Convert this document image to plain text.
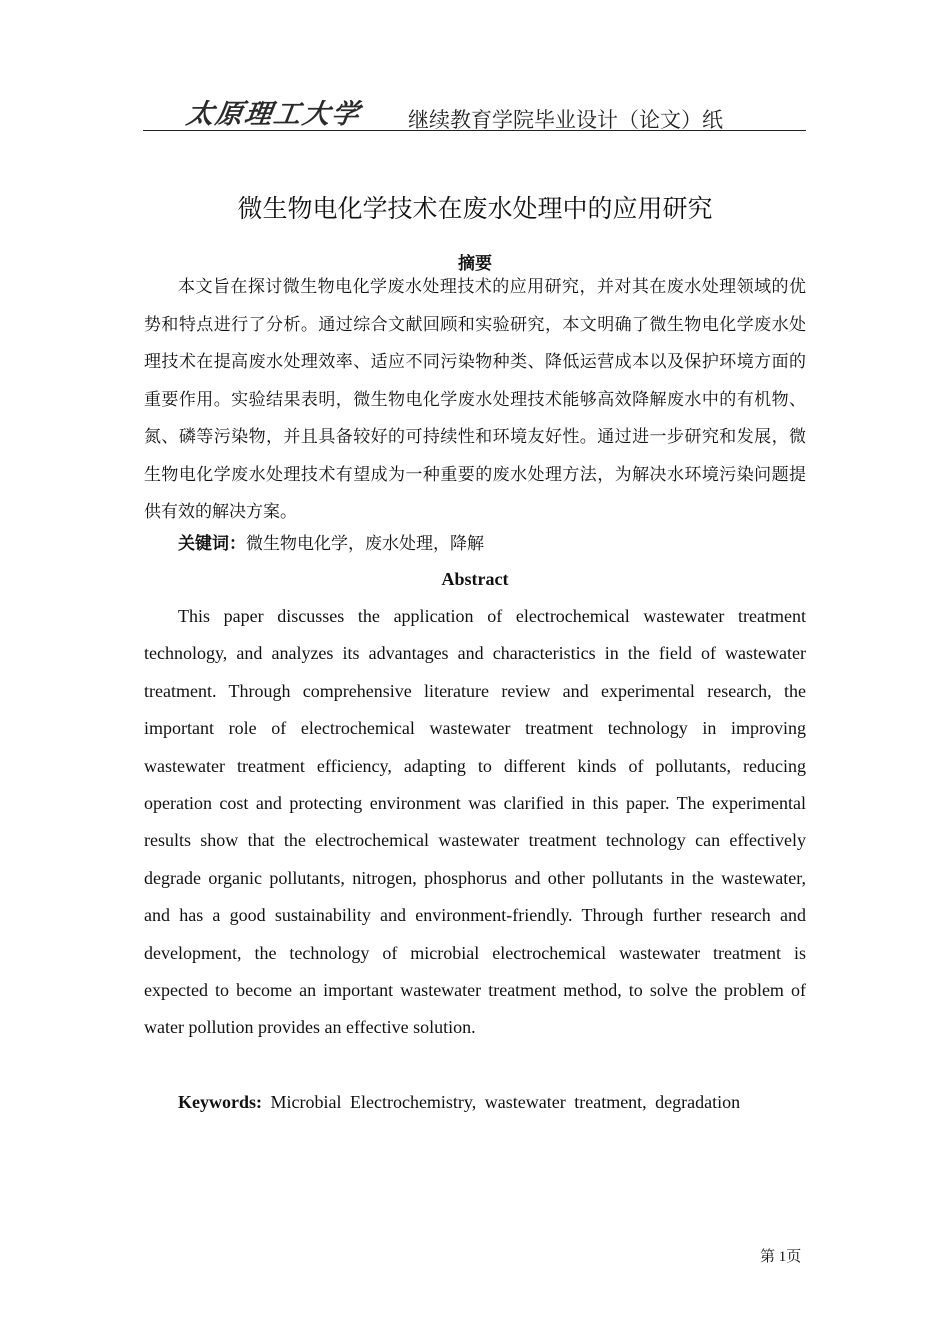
太原理工大学 继续教育学院毕业设计（论文）纸
微生物电化学技术在废水处理中的应用研究
摘要

本文旨在探讨微生物电化学废水处理技术的应用研究，并对其在废水处理领域的优势和特点进行了分析。通过综合文献回顾和实验研究，本文明确了微生物电化学废水处理技术在提高废水处理效率、适应不同污染物种类、降低运营成本以及保护环境方面的重要作用。实验结果表明，微生物电化学废水处理技术能够高效降解废水中的有机物、氮、磷等污染物，并且具备较好的可持续性和环境友好性。通过进一步研究和发展，微生物电化学废水处理技术有望成为一种重要的废水处理方法，为解决水环境污染问题提供有效的解决方案。

关键词：微生物电化学，废水处理，降解
Abstract

This paper discusses the application of electrochemical wastewater treatment technology, and analyzes its advantages and characteristics in the field of wastewater treatment. Through comprehensive literature review and experimental research, the important role of electrochemical wastewater treatment technology in improving wastewater treatment efficiency, adapting to different kinds of pollutants, reducing operation cost and protecting environment was clarified in this paper. The experimental results show that the electrochemical wastewater treatment technology can effectively degrade organic pollutants, nitrogen, phosphorus and other pollutants in the wastewater, and has a good sustainability and environment-friendly. Through further research and development, the technology of microbial electrochemical wastewater treatment is expected to become an important wastewater treatment method, to solve the problem of water pollution provides an effective solution.

Keywords: Microbial Electrochemistry, wastewater treatment, degradation
第 1页
